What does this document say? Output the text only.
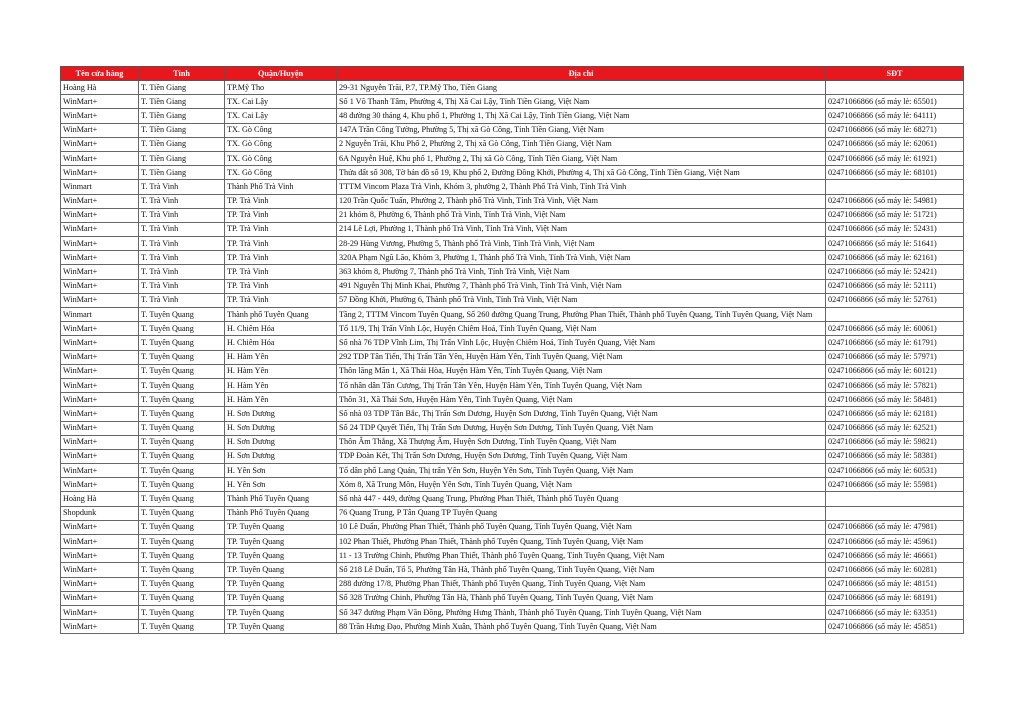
Tên cửa hàng	Tỉnh	Quận/Huyện	Địa chỉ	SĐT
Hoàng Hà	T. Tiền Giang	TP.Mỹ Tho	29-31 Nguyễn Trãi, P.7, TP.Mỹ Tho, Tiền Giang	
WinMart+	T. Tiền Giang	TX. Cai Lậy	Số 1 Võ Thanh Tâm, Phường 4, Thị Xã Cai Lậy, Tỉnh Tiền Giang, Việt Nam	02471066866 (số máy lẻ: 65501)
WinMart+	T. Tiền Giang	TX. Cai Lậy	48 đường 30 tháng 4, Khu phố 1, Phường 1, Thị Xã Cai Lậy, Tỉnh Tiền Giang, Việt Nam	02471066866 (số máy lẻ: 64111)
WinMart+	T. Tiền Giang	TX. Gò Công	147A Trần Công Tường, Phường 5, Thị xã Gò Công, Tỉnh Tiền Giang, Việt Nam	02471066866 (số máy lẻ: 68271)
WinMart+	T. Tiền Giang	TX. Gò Công	2 Nguyễn Trãi, Khu Phố 2, Phường 2, Thị xã Gò Công, Tỉnh Tiền Giang, Việt Nam	02471066866 (số máy lẻ: 62061)
WinMart+	T. Tiền Giang	TX. Gò Công	6A Nguyễn Huệ, Khu phố 1, Phường 2, Thị xã Gò Công, Tỉnh Tiền Giang, Việt Nam	02471066866 (số máy lẻ: 61921)
WinMart+	T. Tiền Giang	TX. Gò Công	Thửa đất số 308, Tờ bản đồ số 19, Khu phố 2, Đường Đồng Khởi, Phường 4, Thị xã Gò Công, Tỉnh Tiền Giang, Việt Nam	02471066866 (số máy lẻ: 68101)
Winmart	T. Trà Vinh	Thành Phố Trà Vinh	TTTM Vincom Plaza Trà Vinh, Khóm 3, phường 2, Thành Phố Trà Vinh, Tỉnh Trà Vinh	
WinMart+	T. Trà Vinh	TP. Trà Vinh	120 Trần Quốc Tuấn, Phường 2, Thành phố Trà Vinh, Tỉnh Trà Vinh, Việt Nam	02471066866 (số máy lẻ: 54981)
WinMart+	T. Trà Vinh	TP. Trà Vinh	21 khóm 8, Phường 6, Thành phố Trà Vinh, Tỉnh Trà Vinh, Việt Nam	02471066866 (số máy lẻ: 51721)
WinMart+	T. Trà Vinh	TP. Trà Vinh	214 Lê Lợi, Phường 1, Thành phố Trà Vinh, Tỉnh Trà Vinh, Việt Nam	02471066866 (số máy lẻ: 52431)
WinMart+	T. Trà Vinh	TP. Trà Vinh	28-29 Hùng Vương, Phường 5, Thành phố Trà Vinh, Tỉnh Trà Vinh, Việt Nam	02471066866 (số máy lẻ: 51641)
WinMart+	T. Trà Vinh	TP. Trà Vinh	320A Phạm Ngũ Lão, Khóm 3, Phường 1, Thành phố Trà Vinh, Tỉnh Trà Vinh, Việt Nam	02471066866 (số máy lẻ: 62161)
WinMart+	T. Trà Vinh	TP. Trà Vinh	363 khóm 8, Phường 7, Thành phố Trà Vinh, Tỉnh Trà Vinh, Việt Nam	02471066866 (số máy lẻ: 52421)
WinMart+	T. Trà Vinh	TP. Trà Vinh	491 Nguyễn Thị Minh Khai, Phường 7, Thành phố Trà Vinh, Tỉnh Trà Vinh, Việt Nam	02471066866 (số máy lẻ: 52111)
WinMart+	T. Trà Vinh	TP. Trà Vinh	57 Đồng Khởi, Phường 6, Thành phố Trà Vinh, Tỉnh Trà Vinh, Việt Nam	02471066866 (số máy lẻ: 52761)
Winmart	T. Tuyên Quang	Thành phố Tuyên Quang	Tầng 2, TTTM Vincom Tuyên Quang, Số 260 đường Quang Trung, Phường Phan Thiết, Thành phố Tuyên Quang, Tỉnh Tuyên Quang, Việt Nam	
WinMart+	T. Tuyên Quang	H. Chiêm Hóa	Tổ 11/9, Thị Trấn Vĩnh Lộc, Huyện Chiêm Hoá, Tỉnh Tuyên Quang, Việt Nam	02471066866 (số máy lẻ: 60061)
WinMart+	T. Tuyên Quang	H. Chiêm Hóa	Số nhà 76 TDP Vĩnh Lim, Thị Trấn Vĩnh Lộc, Huyện Chiêm Hoá, Tỉnh Tuyên Quang, Việt Nam	02471066866 (số máy lẻ: 61791)
WinMart+	T. Tuyên Quang	H. Hàm Yên	292 TDP Tân Tiến, Thị Trấn Tân Yên, Huyện Hàm Yên, Tỉnh Tuyên Quang, Việt Nam	02471066866 (số máy lẻ: 57971)
WinMart+	T. Tuyên Quang	H. Hàm Yên	Thôn lăng Mãn 1, Xã Thái Hòa, Huyện Hàm Yên, Tỉnh Tuyên Quang, Việt Nam	02471066866 (số máy lẻ: 60121)
WinMart+	T. Tuyên Quang	H. Hàm Yên	Tổ nhân dân Tân Cương, Thị Trấn Tân Yên, Huyện Hàm Yên, Tỉnh Tuyên Quang, Việt Nam	02471066866 (số máy lẻ: 57821)
WinMart+	T. Tuyên Quang	H. Hàm Yên	Thôn 31, Xã Thái Sơn, Huyện Hàm Yên, Tỉnh Tuyên Quang, Việt Nam	02471066866 (số máy lẻ: 58481)
WinMart+	T. Tuyên Quang	H. Sơn Dương	Số nhà 03 TDP Tân Bắc, Thị Trấn Sơn Dương, Huyện Sơn Dương, Tỉnh Tuyên Quang, Việt Nam	02471066866 (số máy lẻ: 62181)
WinMart+	T. Tuyên Quang	H. Sơn Dương	Số 24 TDP Quyết Tiến, Thị Trấn Sơn Dương, Huyện Sơn Dương, Tỉnh Tuyên Quang, Việt Nam	02471066866 (số máy lẻ: 62521)
WinMart+	T. Tuyên Quang	H. Sơn Dương	Thôn Âm Thắng, Xã Thượng Ấm, Huyện Sơn Dương, Tỉnh Tuyên Quang, Việt Nam	02471066866 (số máy lẻ: 59821)
WinMart+	T. Tuyên Quang	H. Sơn Dương	TDP Đoàn Kết, Thị Trấn Sơn Dương, Huyện Sơn Dương, Tỉnh Tuyên Quang, Việt Nam	02471066866 (số máy lẻ: 58381)
WinMart+	T. Tuyên Quang	H. Yên Sơn	Tổ dân phố Lang Quán, Thị trấn Yên Sơn, Huyện Yên Sơn, Tỉnh Tuyên Quang, Việt Nam	02471066866 (số máy lẻ: 60531)
WinMart+	T. Tuyên Quang	H. Yên Sơn	Xóm 8, Xã Trung Môn, Huyện Yên Sơn, Tỉnh Tuyên Quang, Việt Nam	02471066866 (số máy lẻ: 55981)
Hoàng Hà	T. Tuyên Quang	Thành Phố Tuyên Quang	Số nhà 447 - 449, đường Quang Trung, Phường Phan Thiết, Thành phố Tuyên Quang	
Shopdunk	T. Tuyên Quang	Thành Phố Tuyên Quang	76 Quang Trung, P Tân Quang TP Tuyên Quang	
WinMart+	T. Tuyên Quang	TP. Tuyên Quang	10 Lê Duẩn, Phường Phan Thiết, Thành phố Tuyên Quang, Tỉnh Tuyên Quang, Việt Nam	02471066866 (số máy lẻ: 47981)
WinMart+	T. Tuyên Quang	TP. Tuyên Quang	102 Phan Thiết, Phường Phan Thiết, Thành phố Tuyên Quang, Tỉnh Tuyên Quang, Việt Nam	02471066866 (số máy lẻ: 45961)
WinMart+	T. Tuyên Quang	TP. Tuyên Quang	11 - 13 Trường Chinh, Phường Phan Thiết, Thành phố Tuyên Quang, Tỉnh Tuyên Quang, Việt Nam	02471066866 (số máy lẻ: 46661)
WinMart+	T. Tuyên Quang	TP. Tuyên Quang	Số 218 Lê Duẩn, Tổ 5, Phường Tân Hà, Thành phố Tuyên Quang, Tỉnh Tuyên Quang, Việt Nam	02471066866 (số máy lẻ: 60281)
WinMart+	T. Tuyên Quang	TP. Tuyên Quang	288 đường 17/8, Phường Phan Thiết, Thành phố Tuyên Quang, Tỉnh Tuyên Quang, Việt Nam	02471066866 (số máy lẻ: 48151)
WinMart+	T. Tuyên Quang	TP. Tuyên Quang	Số 328 Trường Chinh, Phường Tân Hà, Thành phố Tuyên Quang, Tỉnh Tuyên Quang, Việt Nam	02471066866 (số máy lẻ: 68191)
WinMart+	T. Tuyên Quang	TP. Tuyên Quang	Số 347 đường Phạm Văn Đồng, Phường Hưng Thành, Thành phố Tuyên Quang, Tỉnh Tuyên Quang, Việt Nam	02471066866 (số máy lẻ: 63351)
WinMart+	T. Tuyên Quang	TP. Tuyên Quang	88 Trần Hưng Đạo, Phường Minh Xuân, Thành phố Tuyên Quang, Tỉnh Tuyên Quang, Việt Nam	02471066866 (số máy lẻ: 45851)
